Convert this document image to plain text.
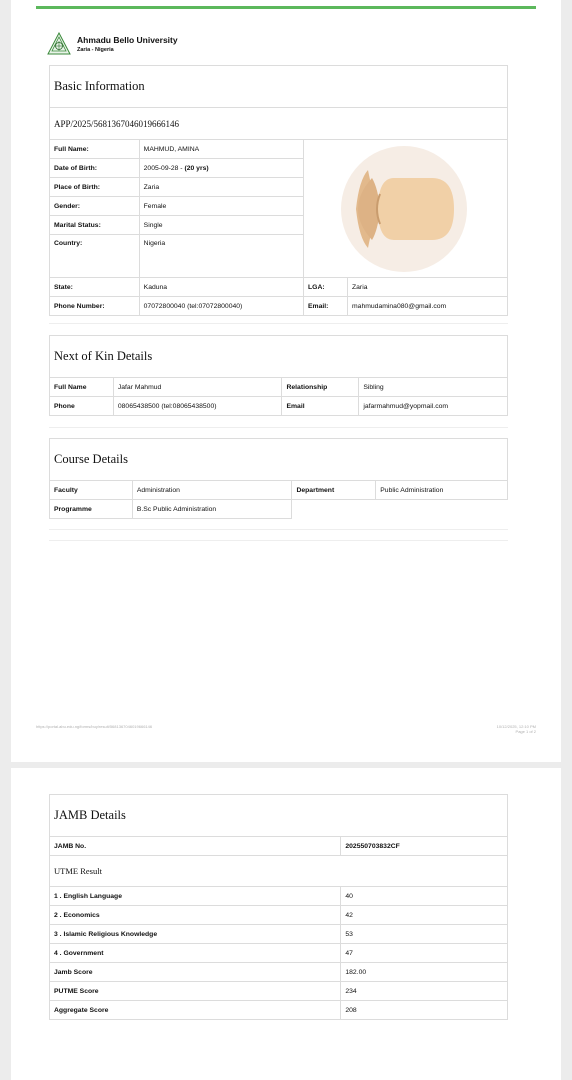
Ahmadu Bello University
Zaria - Nigeria
Basic Information			
APP/2025/5681367046019666146			
Full Name:	MAHMUD, AMINA	

Date of Birth:	2005-09-28 - (20 yrs)		
Place of Birth:	Zaria		
Gender:	Female		
Marital Status:	Single		
Country:	Nigeria		
State:	Kaduna	LGA:	Zaria
Phone Number:	07072800040 (tel:07072800040)	Email:	mahmudamina080@gmail.com
Next of Kin Details			
Full Name	Jafar Mahmud	Relationship	Sibling
Phone	08065438500 (tel:08065438500)	Email	jafarmahmud@yopmail.com
Course Details			
Faculty	Administration	Department	Public Administration
Programme	B.Sc Public Administration		
https://portal.abu.edu.ng/forms/buy/result/5681367046019666146	10/12/2025, 12:10 PM
Page 1 of 2
JAMB Details	
JAMB No.	202550703832CF
UTME Result	
1 . English Language	40
2 . Economics	42
3 . Islamic Religious Knowledge	53
4 . Government	47
Jamb Score	182.00
PUTME Score	234
Aggregate Score	208
